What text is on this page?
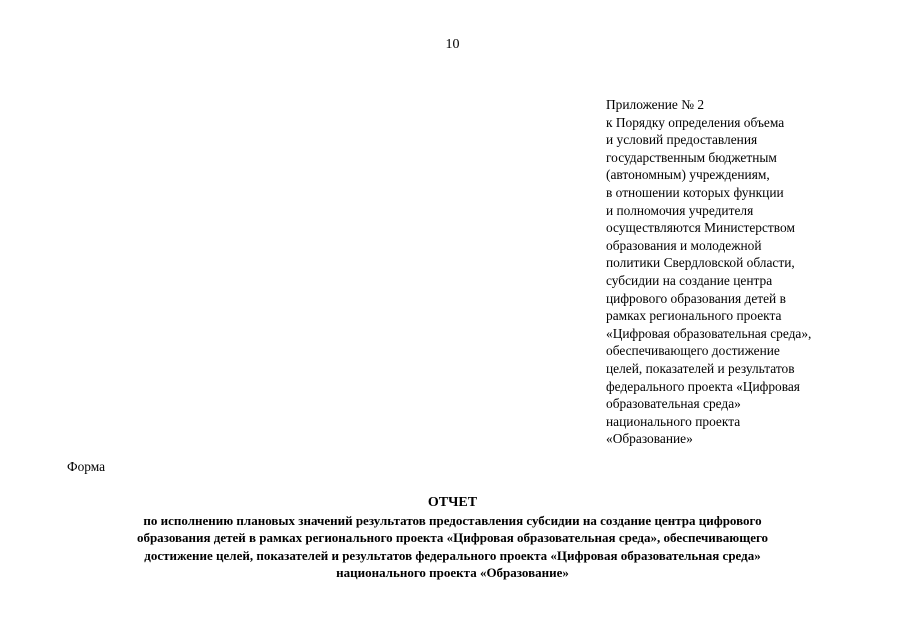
10
Приложение № 2
к Порядку определения объема
и условий предоставления
государственным бюджетным
(автономным) учреждениям,
в отношении которых функции
и полномочия учредителя
осуществляются Министерством
образования и молодежной
политики Свердловской области,
субсидии на создание центра
цифрового образования детей в
рамках регионального проекта
«Цифровая образовательная среда»,
обеспечивающего достижение
целей, показателей и результатов
федерального проекта «Цифровая
образовательная среда»
национального проекта
«Образование»
Форма
ОТЧЕТ
по исполнению плановых значений результатов предоставления субсидии на создание центра цифрового
образования детей в рамках регионального проекта «Цифровая образовательная среда», обеспечивающего
достижение целей, показателей и результатов федерального проекта «Цифровая образовательная среда»
национального проекта «Образование»
